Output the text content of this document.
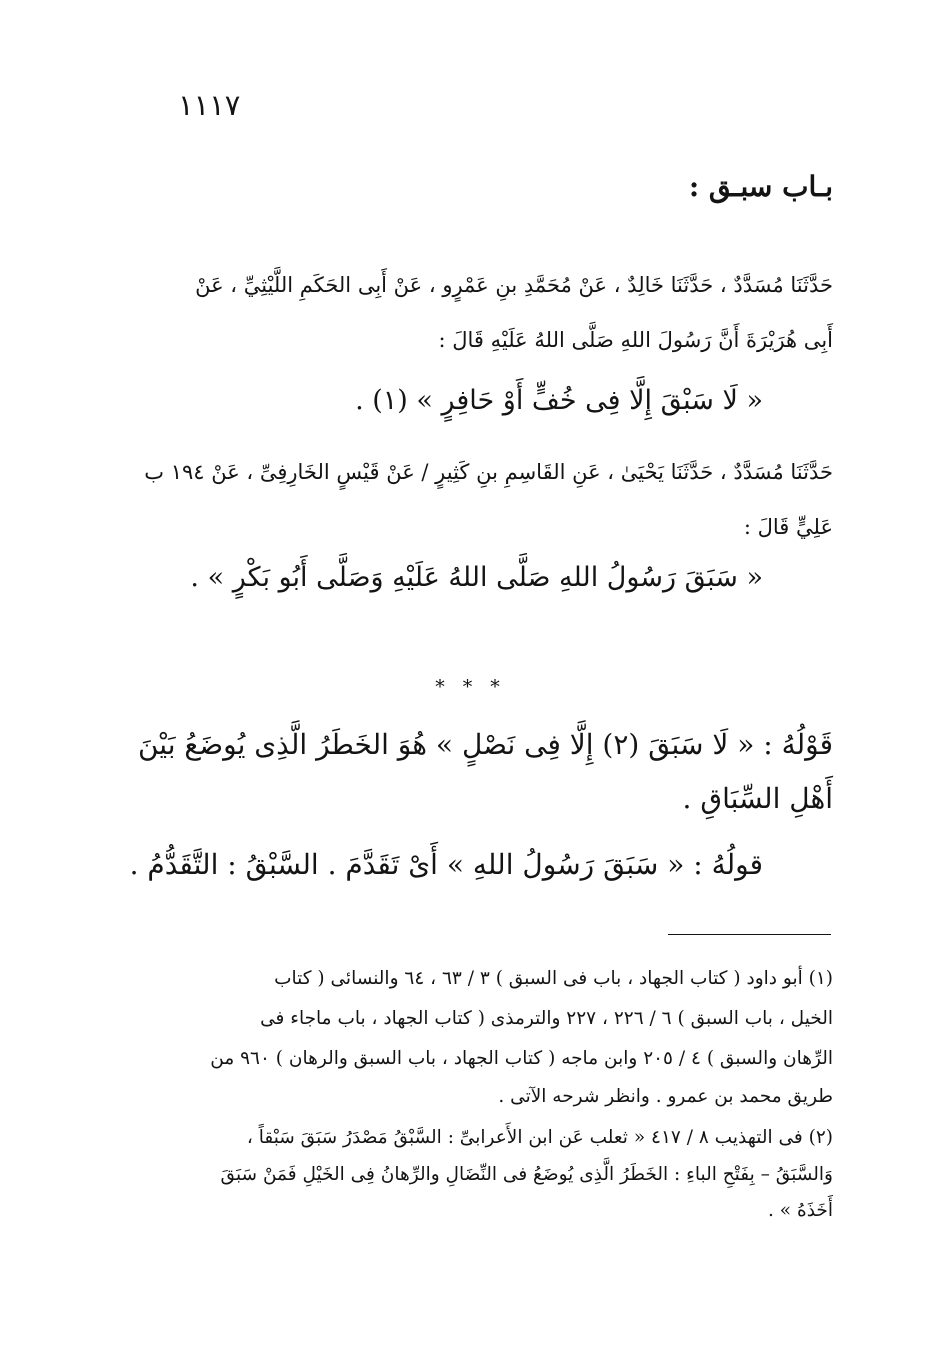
١١١٧
بـاب سبـق :
حَدَّثَنَا مُسَدَّدٌ ، حَدَّثَنَا خَالِدٌ ، عَنْ مُحَمَّدِ بنِ عَمْرٍو ، عَنْ أَبِى الحَكَمِ اللَّيْثِيِّ ، عَنْ
أَبِى هُرَيْرَةَ أَنَّ رَسُولَ اللهِ صَلَّى اللهُ عَلَيْهِ قَالَ :
« لَا سَبْقَ إِلَّا فِى خُفٍّ أَوْ حَافِرٍ » (١) .
حَدَّثَنَا مُسَدَّدٌ ، حَدَّثَنَا يَحْيَىٰ ، عَنِ القَاسِمِ بنِ كَثِيرٍ / عَنْ قَيْسٍ الخَارِفِىِّ ، عَنْ ١٩٤ ب
عَلِيٍّ قَالَ :
« سَبَقَ رَسُولُ اللهِ صَلَّى اللهُ عَلَيْهِ وَصَلَّى أَبُو بَكْرٍ » .
* * *
قَوْلُهُ : « لَا سَبَقَ (٢) إِلَّا فِى نَصْلٍ » هُوَ الخَطَرُ الَّذِى يُوضَعُ بَيْنَ
أَهْلِ السِّبَاقِ .
قولُهُ : « سَبَقَ رَسُولُ اللهِ » أَىْ تَقَدَّمَ . السَّبْقُ : التَّقَدُّمُ .
(١) أبو داود ( كتاب الجهاد ، باب فى السبق ) ٣ / ٦٣ ، ٦٤ والنسائى ( كتاب
الخيل ، باب السبق ) ٦ / ٢٢٦ ، ٢٢٧ والترمذى ( كتاب الجهاد ، باب ماجاء فى
الرِّهان والسبق ) ٤ / ٢٠٥ وابن ماجه ( كتاب الجهاد ، باب السبق والرهان ) ٩٦٠ من
طريق محمد بن عمرو . وانظر شرحه الآتى .
(٢) فى التهذيب ٨ / ٤١٧ « ثعلب عَن ابن الأَعرابىِّ : السَّبْقُ مَصْدَرُ سَبَقَ سَبْقاً ،
وَالسَّبَقُ – بِفَتْحِ الباءِ : الخَطَرُ الَّذِى يُوضَعُ فى النِّضَالِ والرِّهانُ فِى الخَيْلِ فَمَنْ سَبَقَ
أَخَذَهُ » .
